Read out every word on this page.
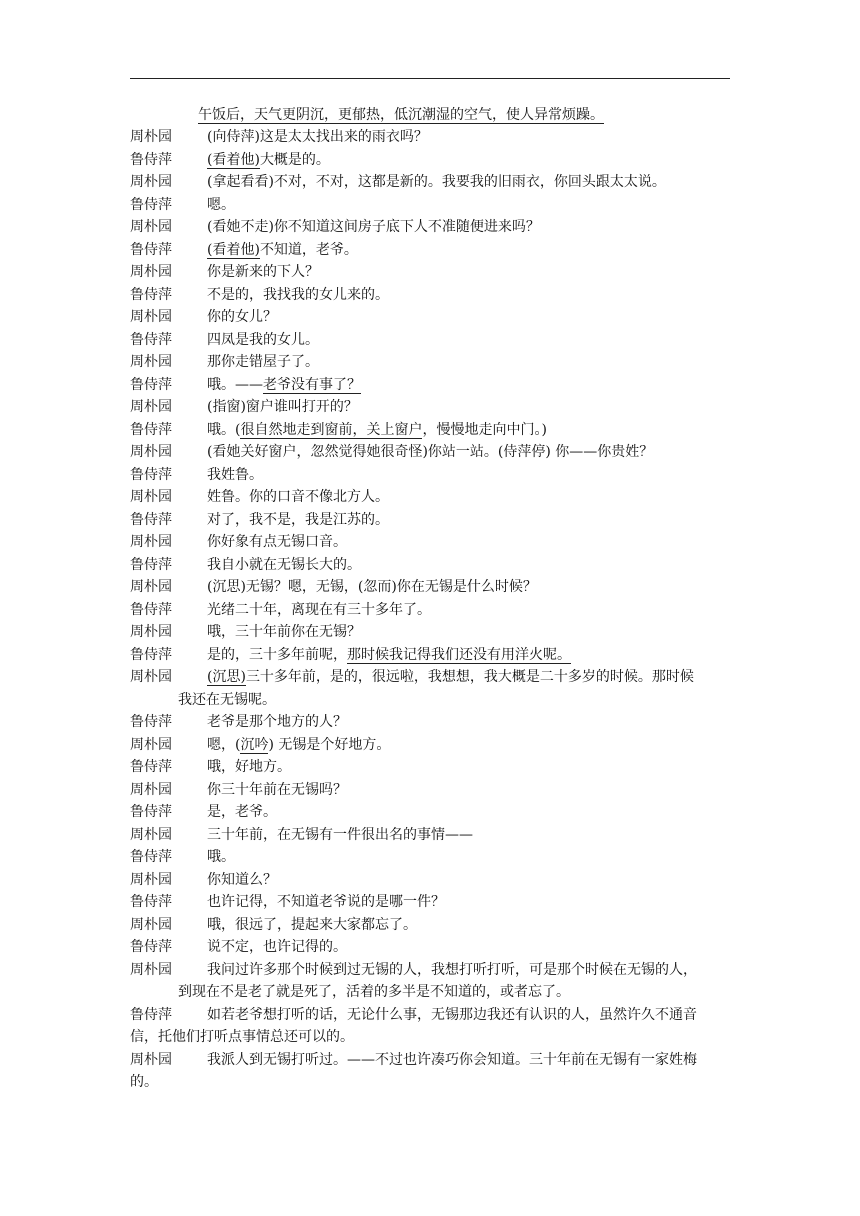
午饭后，天气更阴沉，更郁热，低沉潮湿的空气，使人异常烦躁。
周朴园	(向侍萍)这是太太找出来的雨衣吗？
鲁侍萍	(看着他)大概是的。
周朴园	(拿起看看)不对，不对，这都是新的。我要我的旧雨衣，你回头跟太太说。
鲁侍萍	嗯。
周朴园	(看她不走)你不知道这间房子底下人不准随便进来吗？
鲁侍萍	(看着他)不知道，老爷。
周朴园	你是新来的下人？
鲁侍萍	不是的，我找我的女儿来的。
周朴园	你的女儿？
鲁侍萍	四凤是我的女儿。
周朴园	那你走错屋子了。
鲁侍萍	哦。——老爷没有事了？
周朴园	(指窗)窗户谁叫打开的？
鲁侍萍	哦。(很自然地走到窗前，关上窗户，慢慢地走向中门。)
周朴园	(看她关好窗户，忽然觉得她很奇怪)你站一站。(侍萍停) 你——你贵姓？
鲁侍萍	我姓鲁。
周朴园	姓鲁。你的口音不像北方人。
鲁侍萍	对了，我不是，我是江苏的。
周朴园	你好象有点无锡口音。
鲁侍萍	我自小就在无锡长大的。
周朴园	(沉思)无锡？嗯，无锡，(忽而)你在无锡是什么时候？
鲁侍萍	光绪二十年，离现在有三十多年了。
周朴园	哦，三十年前你在无锡？
鲁侍萍	是的，三十多年前呢，那时候我记得我们还没有用洋火呢。
周朴园	(沉思)三十多年前，是的，很远啦，我想想，我大概是二十多岁的时候。那时候
我还在无锡呢。
鲁侍萍	老爷是那个地方的人？
周朴园	嗯，(沉吟) 无锡是个好地方。
鲁侍萍	哦，好地方。
周朴园	你三十年前在无锡吗？
鲁侍萍	是，老爷。
周朴园	三十年前，在无锡有一件很出名的事情——
鲁侍萍	哦。
周朴园	你知道么？
鲁侍萍	也许记得，不知道老爷说的是哪一件？
周朴园	哦，很远了，提起来大家都忘了。
鲁侍萍	说不定，也许记得的。
周朴园	我问过许多那个时候到过无锡的人，我想打听打听，可是那个时候在无锡的人，
到现在不是老了就是死了，活着的多半是不知道的，或者忘了。
鲁侍萍	如若老爷想打听的话，无论什么事，无锡那边我还有认识的人，虽然许久不通音
信，托他们打听点事情总还可以的。
周朴园	我派人到无锡打听过。——不过也许凑巧你会知道。三十年前在无锡有一家姓梅
的。
